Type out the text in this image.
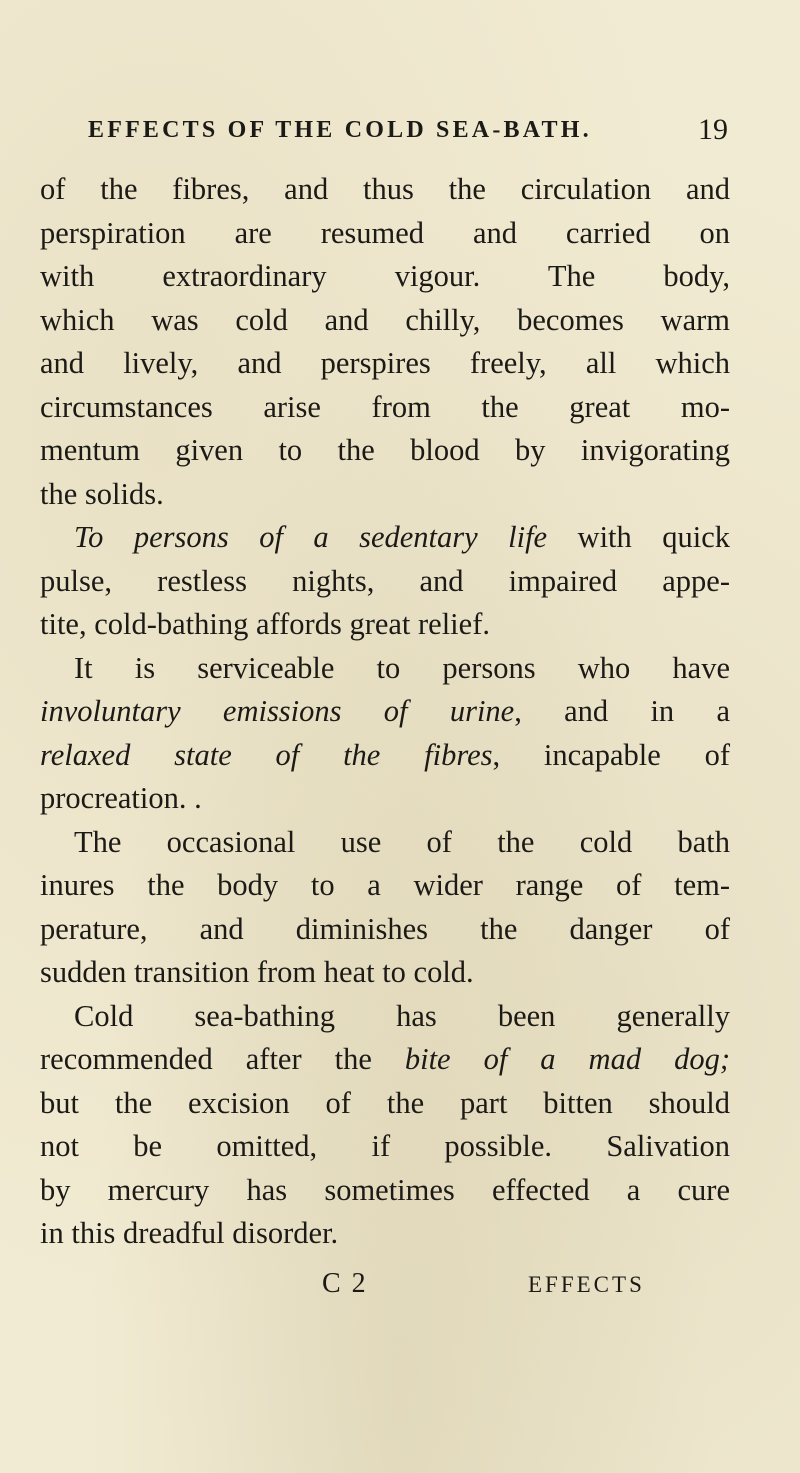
EFFECTS OF THE COLD SEA-BATH.	19
of the fibres, and thus the circulation and
perspiration are resumed and carried on
with extraordinary vigour. The body,
which was cold and chilly, becomes warm
and lively, and perspires freely, all which
circumstances arise from the great mo-
mentum given to the blood by invigorating
the solids.
To persons of a sedentary life with quick
pulse, restless nights, and impaired appe-
tite, cold-bathing affords great relief.
It is serviceable to persons who have
involuntary emissions of urine, and in a
relaxed state of the fibres, incapable of
procreation. .
The occasional use of the cold bath
inures the body to a wider range of tem-
perature, and diminishes the danger of
sudden transition from heat to cold.
Cold sea-bathing has been generally
recommended after the bite of a mad dog;
but the excision of the part bitten should
not be omitted, if possible. Salivation
by mercury has sometimes effected a cure
in this dreadful disorder.
C 2	EFFECTS
